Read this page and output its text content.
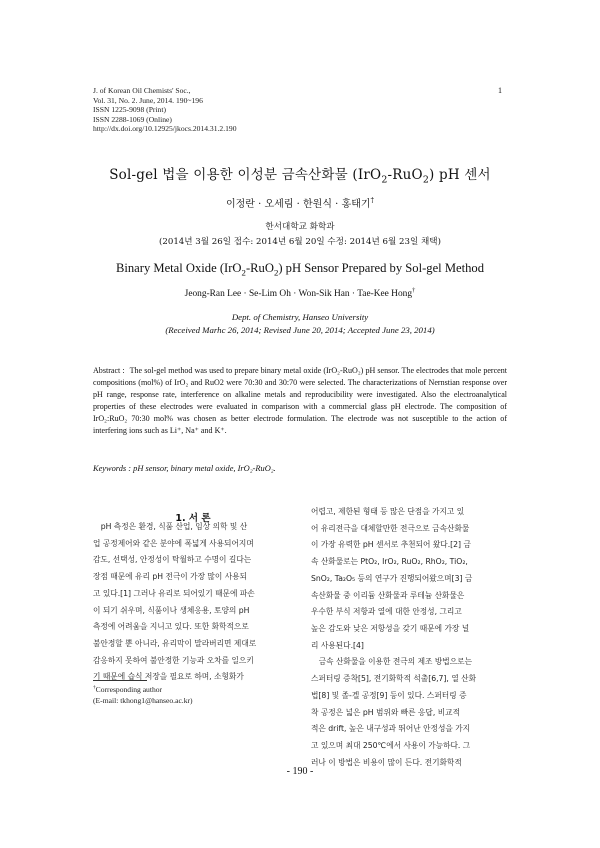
J. of Korean Oil Chemists' Soc.,
Vol. 31, No. 2. June, 2014. 190~196
ISSN 1225-9098 (Print)
ISSN 2288-1069 (Online)
http://dx.doi.org/10.12925/jkocs.2014.31.2.190
1
Sol-gel 법을 이용한 이성분 금속산화물 (IrO$_2$-RuO$_2$) pH 센서
이정란 · 오세림 · 한원식 · 홍태기†
한서대학교 화학과
(2014년 3월 26일 접수: 2014년 6월 20일 수정: 2014년 6월 23일 채택)
Binary Metal Oxide (IrO$_2$-RuO$_2$) pH Sensor Prepared by Sol-gel Method
Jeong-Ran Lee · Se-Lim Oh · Won-Sik Han · Tae-Kee Hong†
Dept. of Chemistry, Hanseo University
(Received Marhc 26, 2014; Revised June 20, 2014; Accepted June 23, 2014)
Abstract : The sol-gel method was used to prepare binary metal oxide (IrO₂-RuO₂) pH sensor. The electrodes that mole percent compositions (mol%) of IrO₂ and RuO2 were 70:30 and 30:70 were selected. The characterizations of Nernstian response over pH range, response rate, interference on alkaline metals and reproducibility were investigated. Also the electroanalytical properties of these electrodes were evaluated in comparison with a commercial glass pH electrode. The composition of IrO₂:RuO₂ 70:30 mol% was chosen as better electrode formulation. The electrode was not susceptible to the action of interfering ions such as Li⁺, Na⁺ and K⁺.
Keywords : pH sensor, binary metal oxide, IrO₂-RuO₂.
1. 서 론
　pH 측정은 환경, 식품 산업, 임상 의학 및 산
업 공정제어와 같은 분야에 폭넓게 사용되어지며
감도, 선택성, 안정성이 탁월하고 수명이 길다는
장점 때문에 유리 pH 전극이 가장 많이 사용되
고 있다.[1] 그러나 유리로 되어있기 때문에 파손
이 되기 쉬우며, 식품이나 생체응용, 토양의 pH
측정에 어려움을 지니고 있다. 또한 화학적으로
불안정할 뿐 아니라, 유리막이 말라버리면 제대로
감응하지 못하여 불안정한 기능과 오차를 일으키
기 때문에 습식 저장을 필요로 하며, 소형화가
어렵고, 제한된 형태 등 많은 단점을 가지고 있
어 유리전극을 대체할만한 전극으로 금속산화물
이 가장 유력한 pH 센서로 추천되어 왔다.[2] 금
속 산화물로는 PtO₂, IrO₂, RuO₂, RhO₂, TiO₂,
SnO₂, Ta₂O₅ 등의 연구가 진행되어왔으며[3] 금
속산화물 중 이리듐 산화물과 루테늄 산화물은
우수한 부식 저항과 열에 대한 안정성, 그리고
높은 감도와 낮은 저항성을 갖기 때문에 가장 널
리 사용된다.[4]
　금속 산화물을 이용한 전극의 제조 방법으로는
스퍼터링 증착[5], 전기화학적 석출[6,7], 열 산화
법[8] 및 졸-겔 공정[9] 등이 있다. 스퍼터링 증
착 공정은 넓은 pH 범위와 빠른 응답, 비교적
적은 drift, 높은 내구성과 뛰어난 안정성을 가지
고 있으며 최대 250℃에서 사용이 가능하다. 그
러나 이 방법은 비용이 많이 든다. 전기화학적
†Corresponding author
(E-mail: tkhong1@hanseo.ac.kr)
- 190 -
